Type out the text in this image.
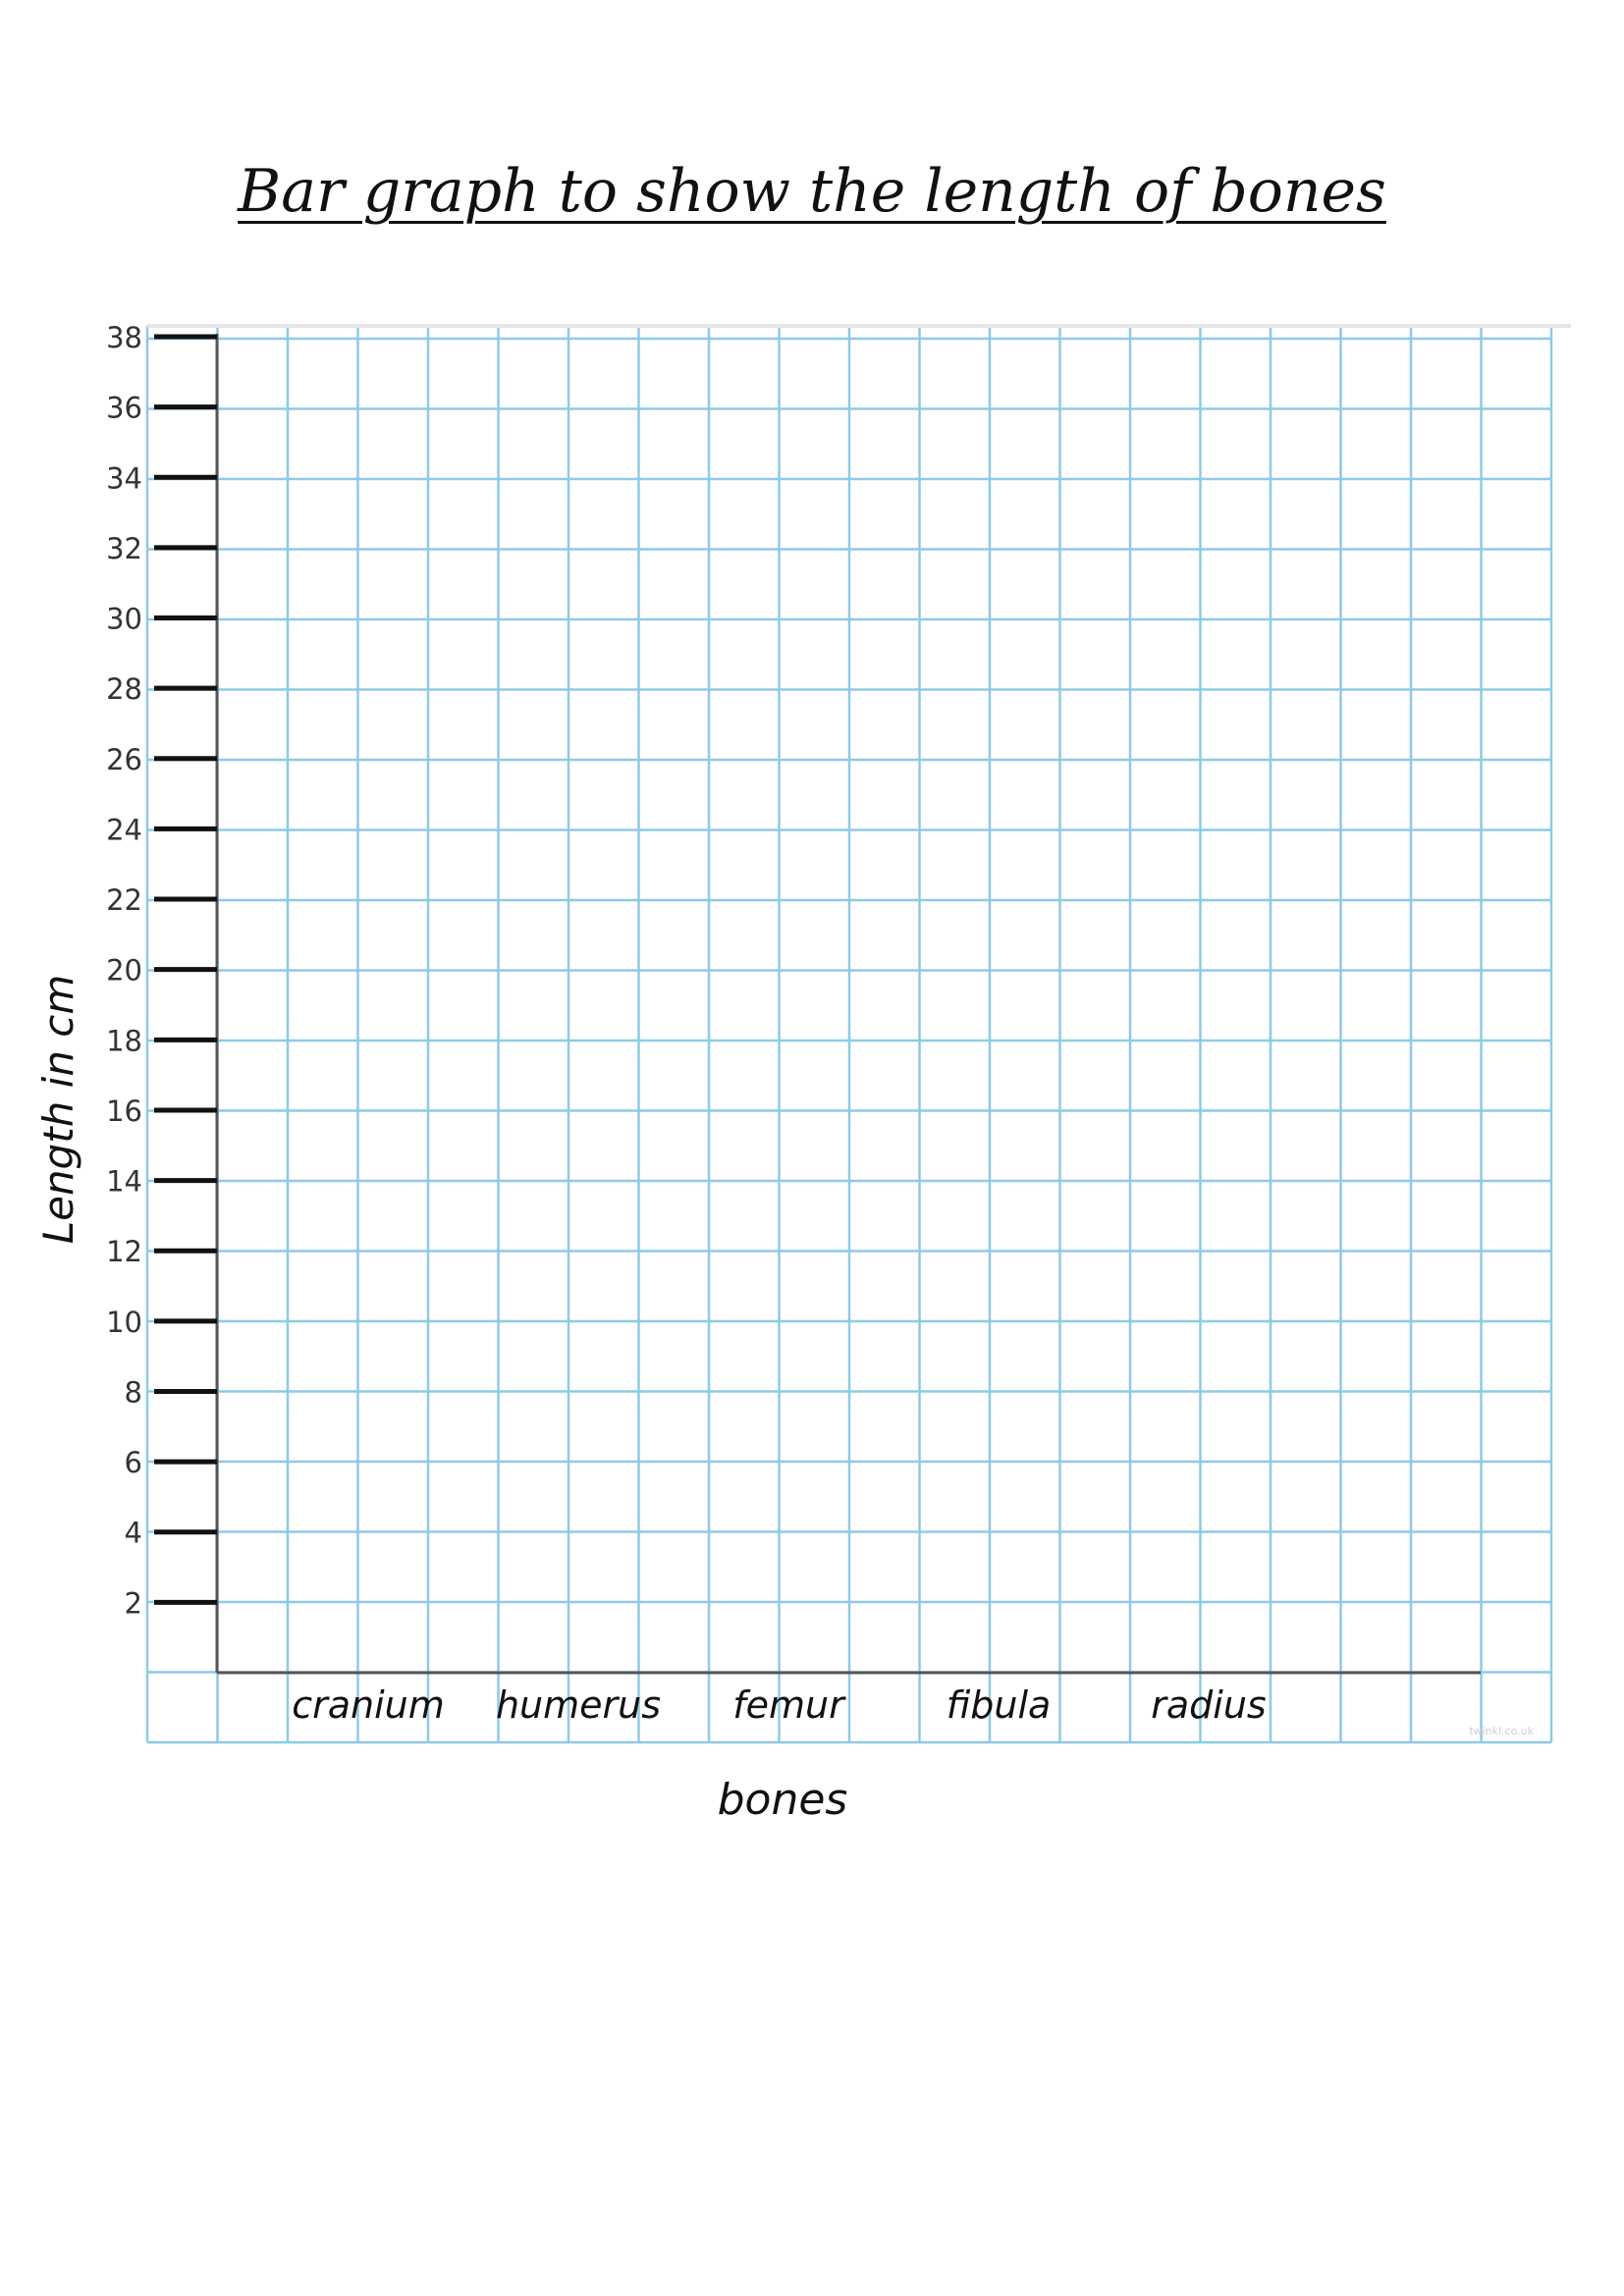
Bar graph to show the length of bones
2
4
6
8
10
12
14
16
18
20
22
24
26
28
30
32
34
36
38
cranium humerus femur	fibula	radius
bones
Length in cm
twinkl.co.uk
